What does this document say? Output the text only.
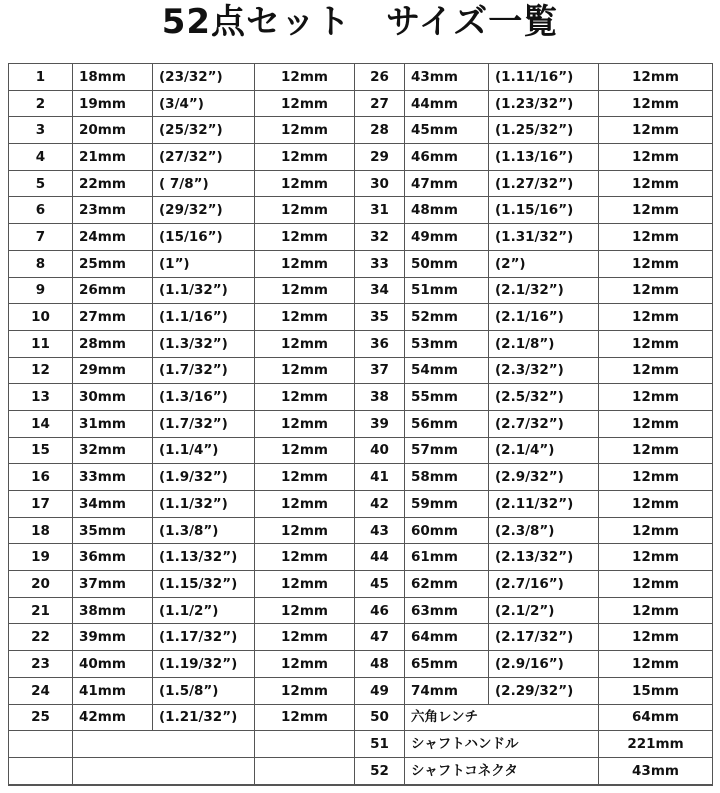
52点セット　サイズ一覧
1	18mm	(23/32”)	12mm	26	43mm	(1.11/16”)	12mm
2	19mm	(3/4”)	12mm	27	44mm	(1.23/32”)	12mm
3	20mm	(25/32”)	12mm	28	45mm	(1.25/32”)	12mm
4	21mm	(27/32”)	12mm	29	46mm	(1.13/16”)	12mm
5	22mm	( 7/8”)	12mm	30	47mm	(1.27/32”)	12mm
6	23mm	(29/32”)	12mm	31	48mm	(1.15/16”)	12mm
7	24mm	(15/16”)	12mm	32	49mm	(1.31/32”)	12mm
8	25mm	(1”)	12mm	33	50mm	(2”)	12mm
9	26mm	(1.1/32”)	12mm	34	51mm	(2.1/32”)	12mm
10	27mm	(1.1/16”)	12mm	35	52mm	(2.1/16”)	12mm
11	28mm	(1.3/32”)	12mm	36	53mm	(2.1/8”)	12mm
12	29mm	(1.7/32”)	12mm	37	54mm	(2.3/32”)	12mm
13	30mm	(1.3/16”)	12mm	38	55mm	(2.5/32”)	12mm
14	31mm	(1.7/32”)	12mm	39	56mm	(2.7/32”)	12mm
15	32mm	(1.1/4”)	12mm	40	57mm	(2.1/4”)	12mm
16	33mm	(1.9/32”)	12mm	41	58mm	(2.9/32”)	12mm
17	34mm	(1.1/32”)	12mm	42	59mm	(2.11/32”)	12mm
18	35mm	(1.3/8”)	12mm	43	60mm	(2.3/8”)	12mm
19	36mm	(1.13/32”)	12mm	44	61mm	(2.13/32”)	12mm
20	37mm	(1.15/32”)	12mm	45	62mm	(2.7/16”)	12mm
21	38mm	(1.1/2”)	12mm	46	63mm	(2.1/2”)	12mm
22	39mm	(1.17/32”)	12mm	47	64mm	(2.17/32”)	12mm
23	40mm	(1.19/32”)	12mm	48	65mm	(2.9/16”)	12mm
24	41mm	(1.5/8”)	12mm	49	74mm	(2.29/32”)	15mm
25	42mm	(1.21/32”)	12mm	50	六角レンチ		64mm
				51	シャフトハンドル		221mm
				52	シャフトコネクタ		43mm
